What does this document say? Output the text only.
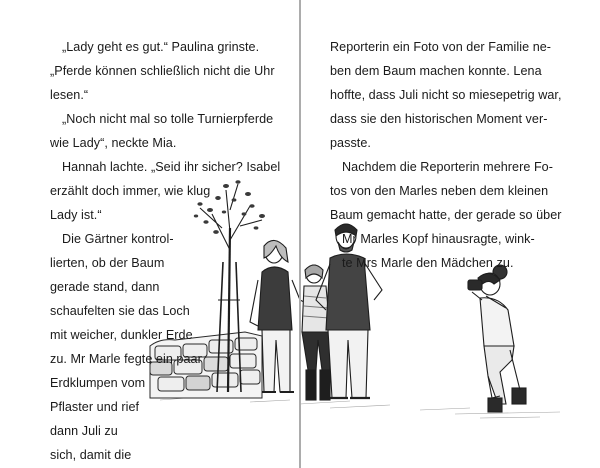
„Lady geht es gut.“ Paulina grinste.
„Pferde können schließlich nicht die Uhr
lesen.“
„Noch nicht mal so tolle Turnierpferde
wie Lady“, neckte Mia.
Hannah lachte. „Seid ihr sicher? Isabel
erzählt doch immer, wie klug
Lady ist.“
Die Gärtner kontrol-
lierten, ob der Baum
gerade stand, dann
schaufelten sie das Loch
mit weicher, dunkler Erde
zu. Mr Marle fegte ein paar
Erdklumpen vom
Pflaster und rief
dann Juli zu
sich, damit die
Reporterin ein Foto von der Familie ne-
ben dem Baum machen konnte. Lena
hoffte, dass Juli nicht so miesepetrig war,
dass sie den historischen Moment ver-
passte.
Nachdem die Reporterin mehrere Fo-
tos von den Marles neben dem kleinen
Baum gemacht hatte, der gerade so über
Mr Marles Kopf hinausragte, wink-
te Mrs Marle den Mädchen zu.
